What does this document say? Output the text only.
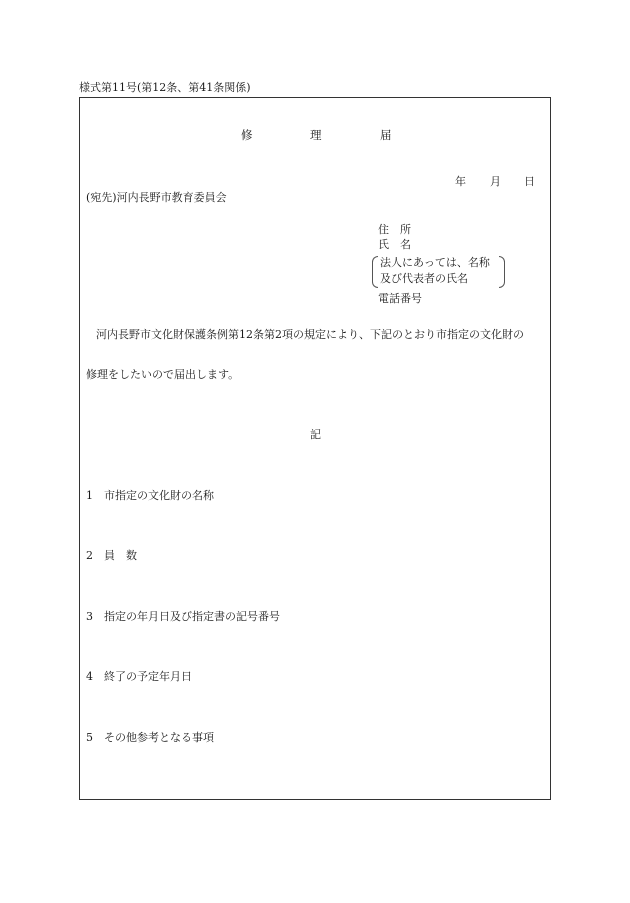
様式第11号(第12条、第41条関係)
修	理	届
年 月 日
(宛先)河内長野市教育委員会
住　所
氏　名
法人にあっては、名称
及び代表者の氏名
電話番号
河内長野市文化財保護条例第12条第2項の規定により、下記のとおり市指定の文化財の
修理をしたいので届出します。
記
1 市指定の文化財の名称
2 員　数
3 指定の年月日及び指定書の記号番号
4 終了の予定年月日
5 その他参考となる事項
